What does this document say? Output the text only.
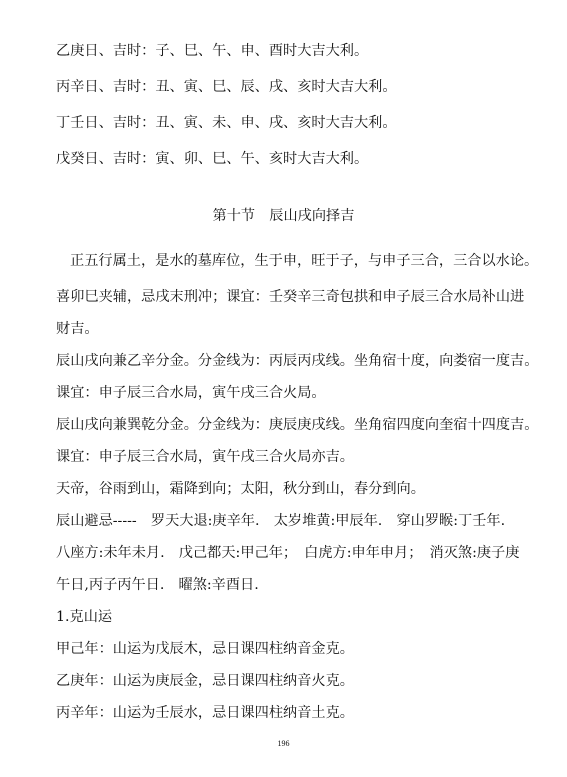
乙庚日、吉时：子、巳、午、申、酉时大吉大利。
丙辛日、吉时：丑、寅、巳、辰、戌、亥时大吉大利。
丁壬日、吉时：丑、寅、未、申、戌、亥时大吉大利。
戊癸日、吉时：寅、卯、巳、午、亥时大吉大利。
第十节　辰山戌向择吉
正五行属土，是水的墓库位，生于申，旺于子，与申子三合，三合以水论。
喜卯巳夹辅，忌戌末刑冲；课宜：壬癸辛三奇包拱和申子辰三合水局补山进
财吉。
辰山戌向兼乙辛分金。分金线为：丙辰丙戌线。坐角宿十度，向娄宿一度吉。
课宜：申子辰三合水局，寅午戌三合火局。
辰山戌向兼巽乾分金。分金线为：庚辰庚戌线。坐角宿四度向奎宿十四度吉。
课宜：申子辰三合水局，寅午戌三合火局亦吉。
天帝，谷雨到山，霜降到向；太阳，秋分到山，春分到向。
辰山避忌-----　罗天大退:庚辛年.　太岁堆黄:甲辰年.　穿山罗睺:丁壬年.
八座方:未年未月.　戊己都天:甲己年；　白虎方:申年申月；　消灭煞:庚子庚
午日,丙子丙午日.　曜煞:辛酉日.
1.克山运
甲己年：山运为戊辰木，忌日课四柱纳音金克。
乙庚年：山运为庚辰金，忌日课四柱纳音火克。
丙辛年：山运为壬辰水，忌日课四柱纳音土克。
196
